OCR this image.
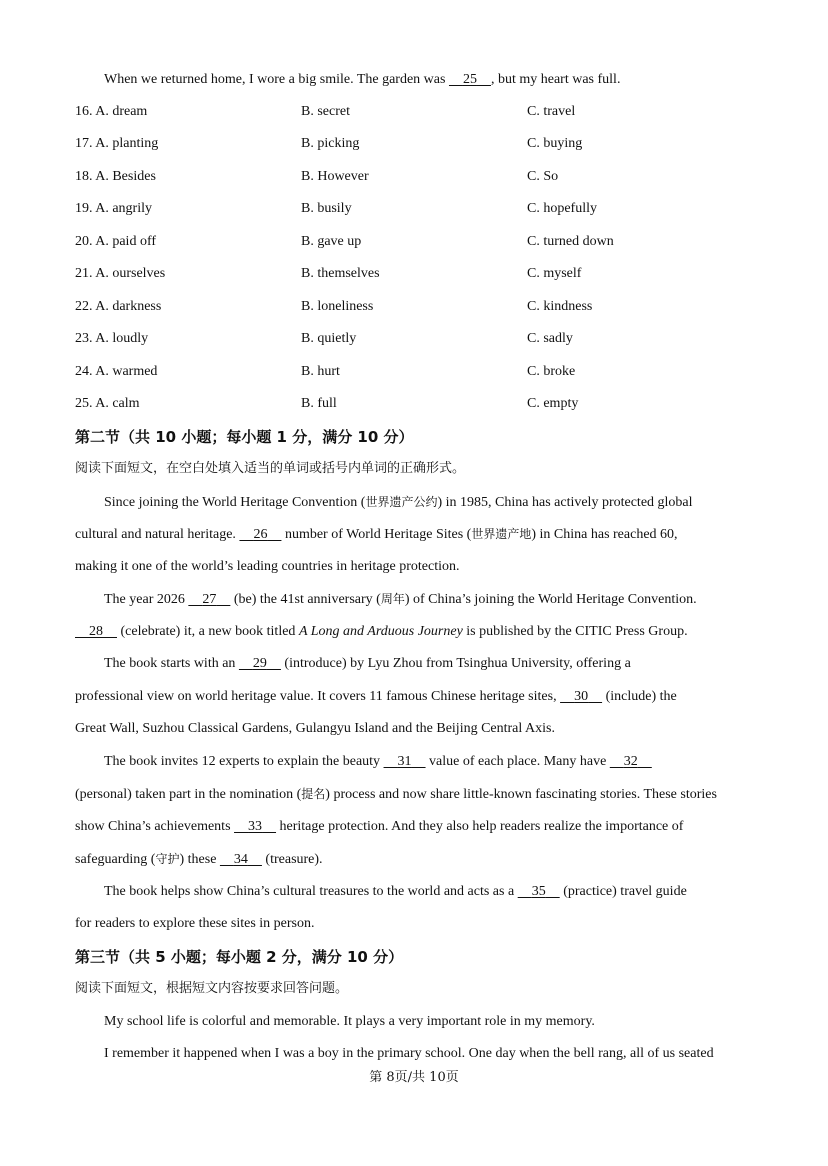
When we returned home, I wore a big smile. The garden was 25 , but my heart was full.
16. A. dream	B. secret	C. travel
17. A. planting	B. picking	C. buying
18. A. Besides	B. However	C. So
19. A. angrily	B. busily	C. hopefully
20. A. paid off	B. gave up	C. turned down
21. A. ourselves	B. themselves	C. myself
22. A. darkness	B. loneliness	C. kindness
23. A. loudly	B. quietly	C. sadly
24. A. warmed	B. hurt	C. broke
25. A. calm	B. full	C. empty
第二节（共 10 小题；每小题 1 分，满分 10 分）
阅读下面短文，在空白处填入适当的单词或括号内单词的正确形式。
Since joining the World Heritage Convention (世界遗产公约) in 1985, China has actively protected global
cultural and natural heritage. 26 number of World Heritage Sites (世界遗产地) in China has reached 60,
making it one of the world’s leading countries in heritage protection.
The year 2026 27 (be) the 41st anniversary (周年) of China’s joining the World Heritage Convention.
28 (celebrate) it, a new book titled A Long and Arduous Journey is published by the CITIC Press Group.
The book starts with an 29 (introduce) by Lyu Zhou from Tsinghua University, offering a
professional view on world heritage value. It covers 11 famous Chinese heritage sites, 30 (include) the
Great Wall, Suzhou Classical Gardens, Gulangyu Island and the Beijing Central Axis.
The book invites 12 experts to explain the beauty 31 value of each place. Many have 32
(personal) taken part in the nomination (提名) process and now share little-known fascinating stories. These stories
show China’s achievements 33 heritage protection. And they also help readers realize the importance of
safeguarding (守护) these 34 (treasure).
The book helps show China’s cultural treasures to the world and acts as a 35 (practice) travel guide
for readers to explore these sites in person.
第三节（共 5 小题；每小题 2 分，满分 10 分）
阅读下面短文，根据短文内容按要求回答问题。
My school life is colorful and memorable. It plays a very important role in my memory.
I remember it happened when I was a boy in the primary school. One day when the bell rang, all of us seated
第 8页/共 10页
